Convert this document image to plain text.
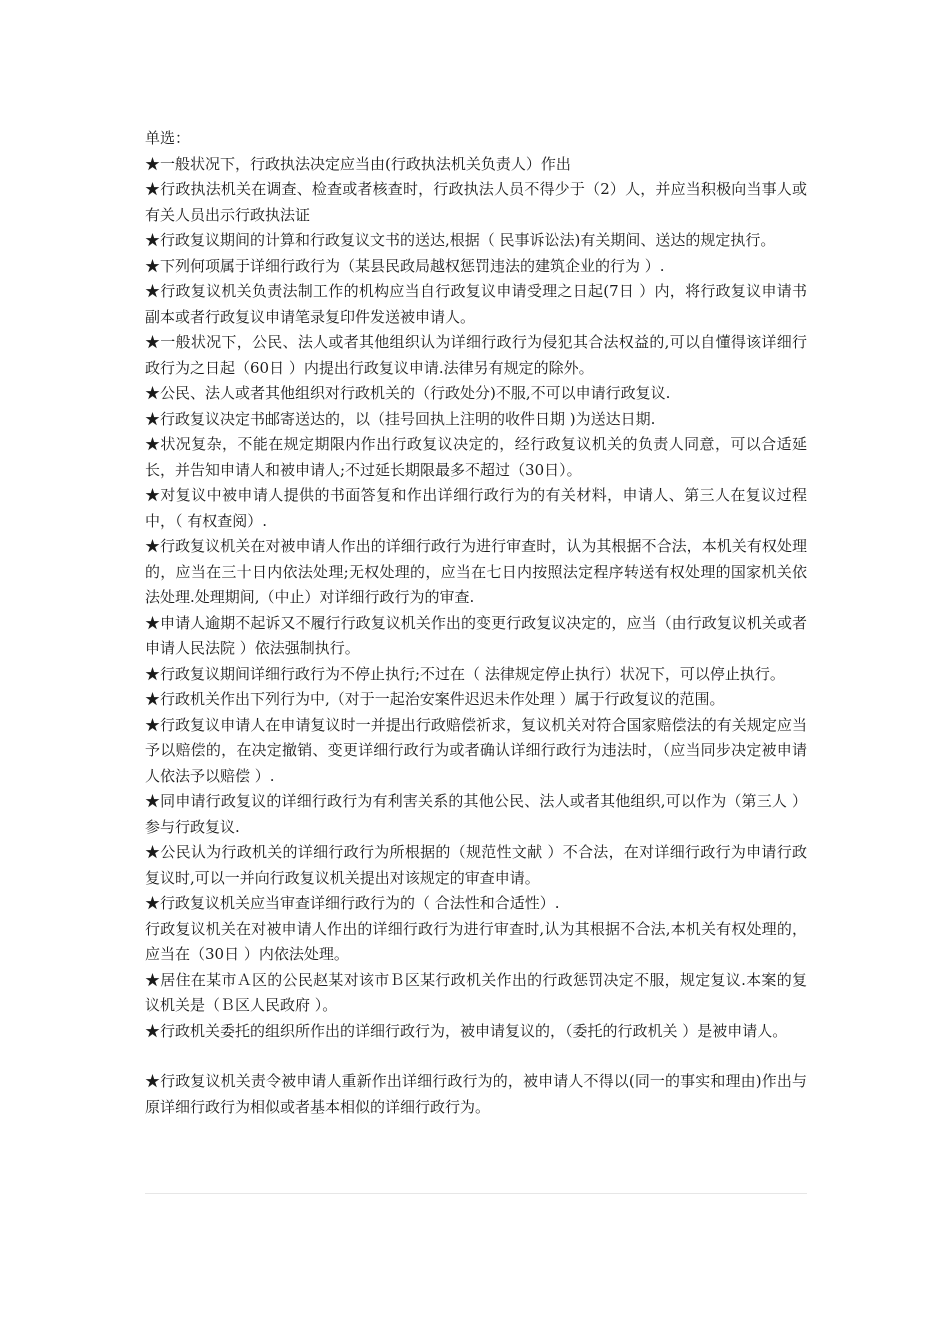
单选：

★一般状况下，行政执法决定应当由(行政执法机关负责人）作出

★行政执法机关在调查、检查或者核查时，行政执法人员不得少于（2）人，并应当积极向当事人或有关人员出示行政执法证

★行政复议期间的计算和行政复议文书的送达,根据（ 民事诉讼法)有关期间、送达的规定执行。

★下列何项属于详细行政行为（某县民政局越权惩罚违法的建筑企业的行为 ）.

★行政复议机关负责法制工作的机构应当自行政复议申请受理之日起(7日 ）内，将行政复议申请书副本或者行政复议申请笔录复印件发送被申请人。

★一般状况下，公民、法人或者其他组织认为详细行政行为侵犯其合法权益的,可以自懂得该详细行政行为之日起（60日 ）内提出行政复议申请.法律另有规定的除外。

★公民、法人或者其他组织对行政机关的（行政处分)不服,不可以申请行政复议.

★行政复议决定书邮寄送达的，以（挂号回执上注明的收件日期 )为送达日期.

★状况复杂，不能在规定期限内作出行政复议决定的，经行政复议机关的负责人同意，可以合适延长，并告知申请人和被申请人;不过延长期限最多不超过（30日）。

★对复议中被申请人提供的书面答复和作出详细行政行为的有关材料，申请人、第三人在复议过程中，（ 有权查阅）.

★行政复议机关在对被申请人作出的详细行政行为进行审查时，认为其根据不合法，本机关有权处理的，应当在三十日内依法处理;无权处理的，应当在七日内按照法定程序转送有权处理的国家机关依法处理.处理期间,（中止）对详细行政行为的审查.

★申请人逾期不起诉又不履行行政复议机关作出的变更行政复议决定的，应当（由行政复议机关或者申请人民法院 ）依法强制执行。

★行政复议期间详细行政行为不停止执行;不过在（ 法律规定停止执行）状况下，可以停止执行。

★行政机关作出下列行为中,（对于一起治安案件迟迟未作处理 ）属于行政复议的范围。

★行政复议申请人在申请复议时一并提出行政赔偿祈求，复议机关对符合国家赔偿法的有关规定应当予以赔偿的，在决定撤销、变更详细行政行为或者确认详细行政行为违法时，（应当同步决定被申请人依法予以赔偿 ）.

★同申请行政复议的详细行政行为有利害关系的其他公民、法人或者其他组织,可以作为（第三人 ）参与行政复议.

★公民认为行政机关的详细行政行为所根据的（规范性文献 ）不合法，在对详细行政行为申请行政复议时,可以一并向行政复议机关提出对该规定的审查申请。

★行政复议机关应当审查详细行政行为的（ 合法性和合适性）.

行政复议机关在对被申请人作出的详细行政行为进行审查时,认为其根据不合法,本机关有权处理的，应当在（30日 ）内依法处理。

★居住在某市Ａ区的公民赵某对该市Ｂ区某行政机关作出的行政惩罚决定不服，规定复议.本案的复议机关是（Ｂ区人民政府 ）。

★行政机关委托的组织所作出的详细行政行为，被申请复议的，（委托的行政机关 ）是被申请人。

★行政复议机关责令被申请人重新作出详细行政行为的，被申请人不得以(同一的事实和理由)作出与原详细行政行为相似或者基本相似的详细行政行为。
